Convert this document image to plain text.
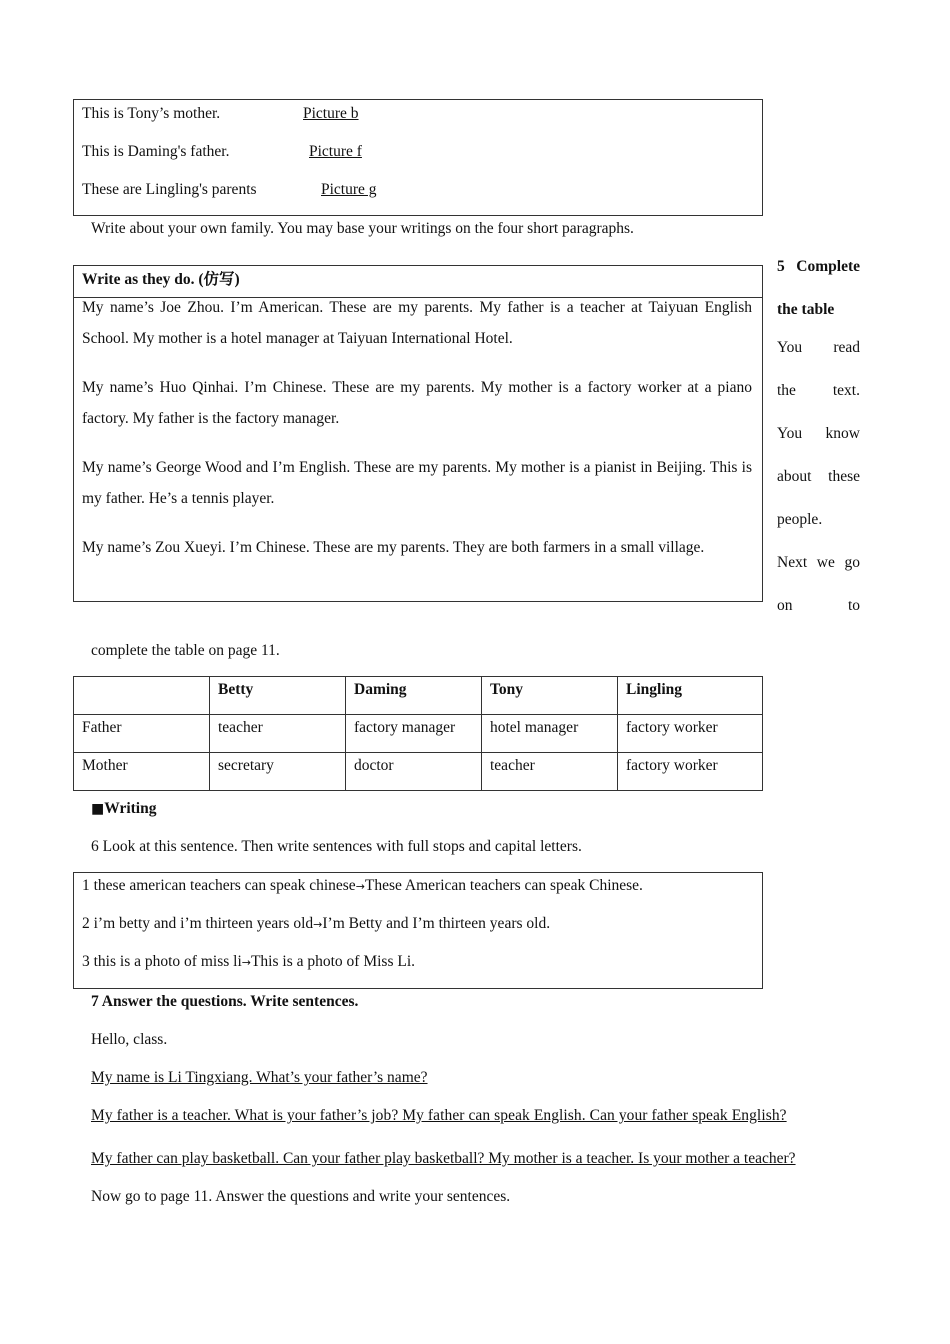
This is Tony’s mother.	Picture b
This is Daming's father.	Picture f
These are Lingling's parents	Picture g
Write about your own family. You may base your writings on the four short paragraphs.
Write as they do. (仿写)
My name’s Joe Zhou. I’m American. These are my parents. My father is a teacher at Taiyuan English School. My mother is a hotel manager at Taiyuan International Hotel.
My name’s Huo Qinhai. I’m Chinese. These are my parents. My mother is a factory worker at a piano factory. My father is the factory manager.
My name’s George Wood and I’m English. These are my parents. My mother is a pianist in Beijing. This is my father. He’s a tennis player.
My name’s Zou Xueyi. I’m Chinese. These are my parents. They are both farmers in a small village.
5 Complete
the table
You read
the text.
You know
about these
people.
Next we go
on	to
complete the table on page 11.
	Betty	Daming	Tony	Lingling
Father	teacher	factory manager	hotel manager	factory worker
Mother	secretary	doctor	teacher	factory worker
■Writing
6 Look at this sentence. Then write sentences with full stops and capital letters.
1 these american teachers can speak chinese→These American teachers can speak Chinese.
2 i’m betty and i’m thirteen years old→I’m Betty and I’m thirteen years old.
3 this is a photo of miss li→This is a photo of Miss Li.
7 Answer the questions. Write sentences.
Hello, class.
My name is Li Tingxiang. What’s your father’s name?
My father is a teacher. What is your father’s job? My father can speak English. Can your father speak English?
My father can play basketball. Can your father play basketball? My mother is a teacher. Is your mother a teacher?
Now go to page 11. Answer the questions and write your sentences.
